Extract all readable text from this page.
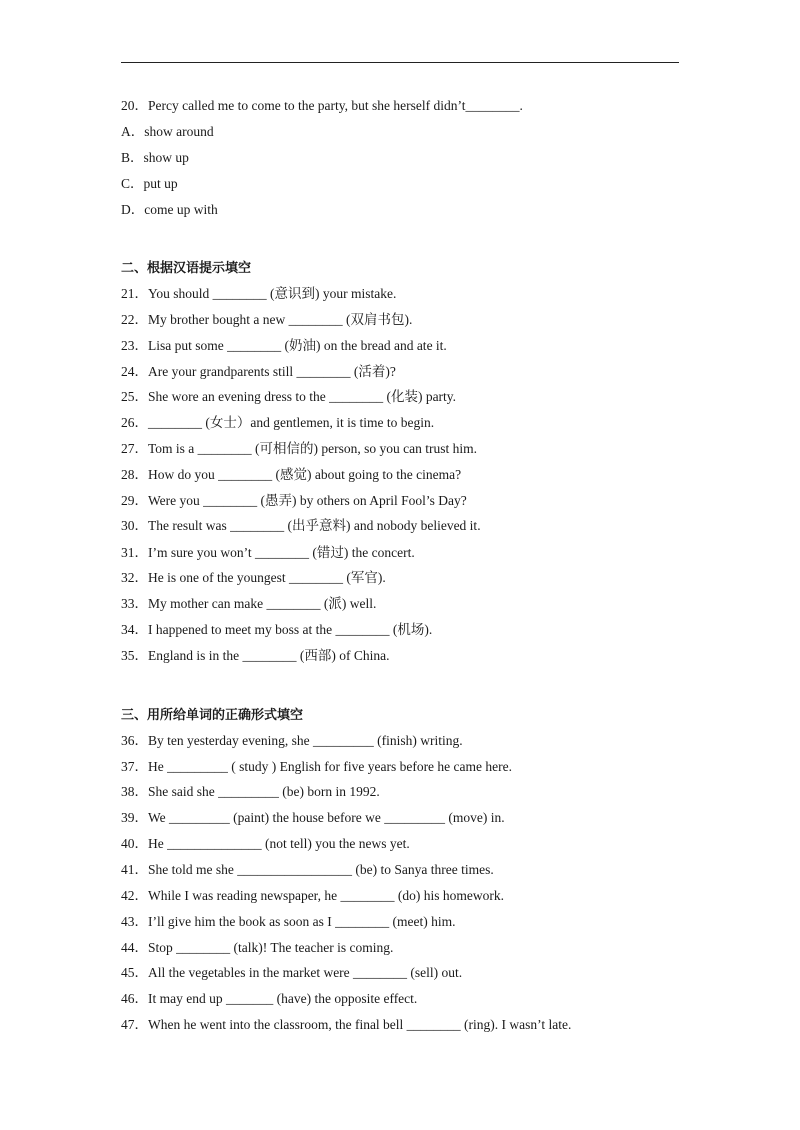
20．Percy called me to come to the party, but she herself didn’t________.
A．show around
B．show up
C．put up
D．come up with
二、根据汉语提示填空
21．You should ________ (意识到) your mistake.
22．My brother bought a new ________ (双肩书包).
23．Lisa put some ________ (奶油) on the bread and ate it.
24．Are your grandparents still ________ (活着)?
25．She wore an evening dress to the ________ (化装) party.
26．________ (女士）and gentlemen, it is time to begin.
27．Tom is a ________ (可相信的) person, so you can trust him.
28．How do you ________ (感觉) about going to the cinema?
29．Were you ________ (愚弄) by others on April Fool’s Day?
30．The result was ________ (出乎意料) and nobody believed it.
31．I’m sure you won’t ________ (错过) the concert.
32．He is one of the youngest ________ (军官).
33．My mother can make ________ (派) well.
34．I happened to meet my boss at the ________ (机场).
35．England is in the ________ (西部) of China.
三、用所给单词的正确形式填空
36．By ten yesterday evening, she _________ (finish) writing.
37．He _________ ( study ) English for five years before he came here.
38．She said she _________ (be) born in 1992.
39．We _________ (paint) the house before we _________ (move) in.
40．He ______________ (not tell) you the news yet.
41．She told me she _________________ (be) to Sanya three times.
42．While I was reading newspaper, he ________ (do) his homework.
43．I’ll give him the book as soon as I ________ (meet) him.
44．Stop ________ (talk)! The teacher is coming.
45．All the vegetables in the market were ________ (sell) out.
46．It may end up _______ (have) the opposite effect.
47．When he went into the classroom, the final bell ________ (ring). I wasn’t late.
